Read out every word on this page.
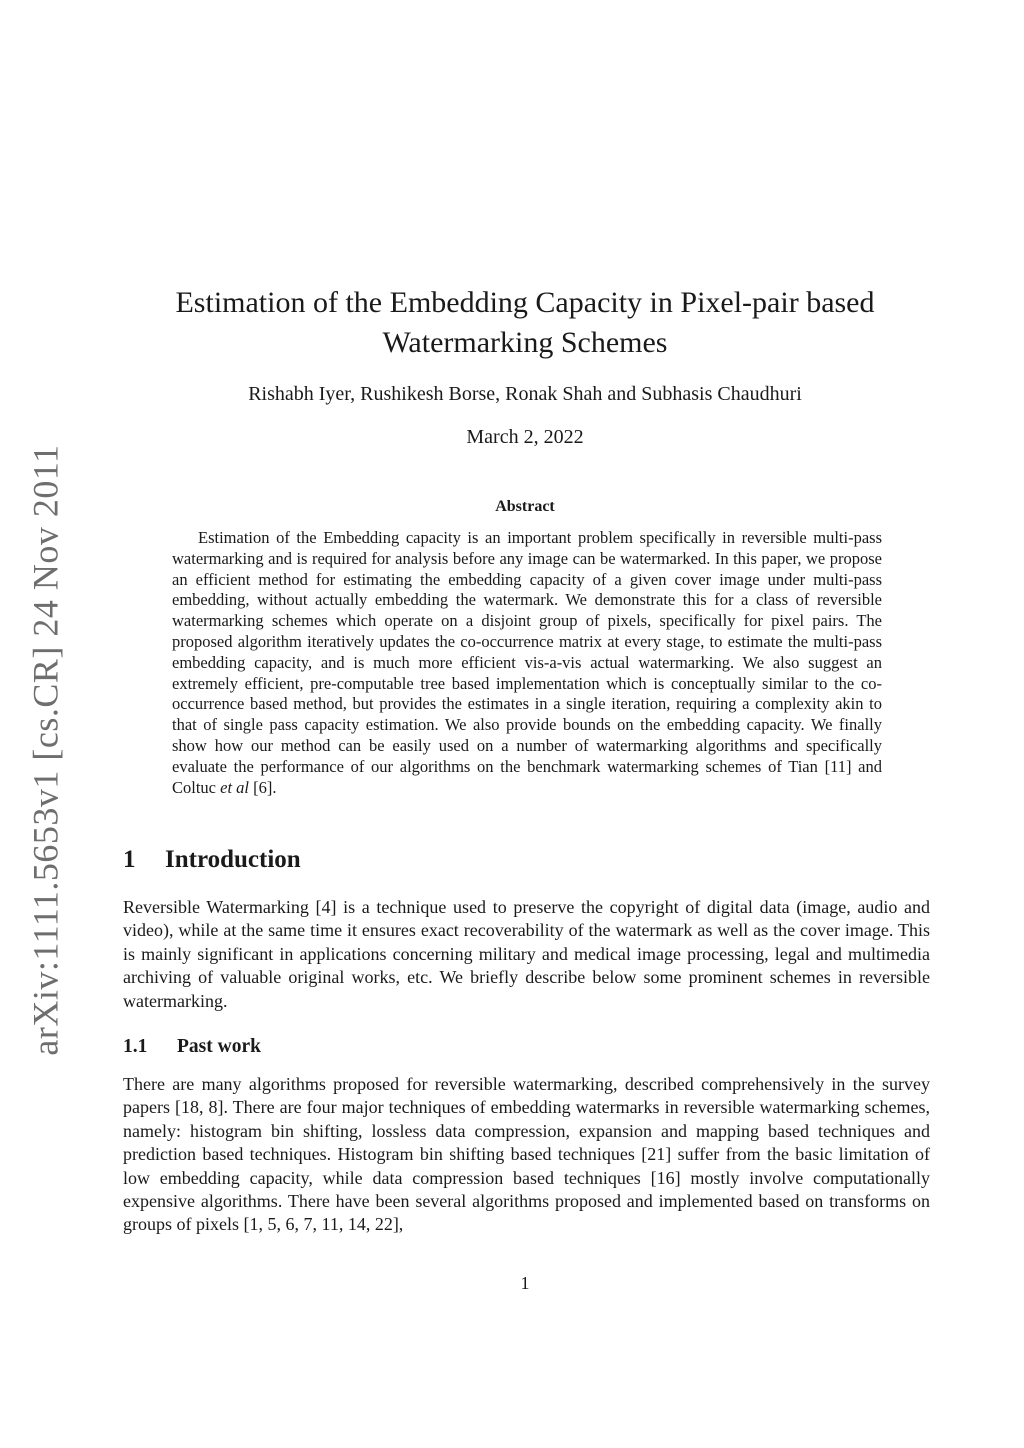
arXiv:1111.5653v1 [cs.CR] 24 Nov 2011
Estimation of the Embedding Capacity in Pixel-pair based Watermarking Schemes
Rishabh Iyer, Rushikesh Borse, Ronak Shah and Subhasis Chaudhuri
March 2, 2022
Abstract

Estimation of the Embedding capacity is an important problem specifically in reversible multi-pass watermarking and is required for analysis before any image can be watermarked. In this paper, we propose an efficient method for estimating the embedding capacity of a given cover image under multi-pass embedding, without actually embedding the watermark. We demonstrate this for a class of reversible watermarking schemes which operate on a disjoint group of pixels, specifically for pixel pairs. The proposed algorithm iteratively updates the co-occurrence matrix at every stage, to estimate the multi-pass embedding capacity, and is much more efficient vis-a-vis actual watermarking. We also suggest an extremely efficient, pre-computable tree based implementation which is conceptually similar to the co-occurrence based method, but provides the estimates in a single iteration, requiring a complexity akin to that of single pass capacity estimation. We also provide bounds on the embedding capacity. We finally show how our method can be easily used on a number of watermarking algorithms and specifically evaluate the performance of our algorithms on the benchmark watermarking schemes of Tian [11] and Coltuc et al [6].

1 Introduction

Reversible Watermarking [4] is a technique used to preserve the copyright of digital data (image, audio and video), while at the same time it ensures exact recoverability of the watermark as well as the cover image. This is mainly significant in applications concerning military and medical image processing, legal and multimedia archiving of valuable original works, etc. We briefly describe below some prominent schemes in reversible watermarking.

1.1 Past work

There are many algorithms proposed for reversible watermarking, described comprehensively in the survey papers [18, 8]. There are four major techniques of embedding watermarks in reversible watermarking schemes, namely: histogram bin shifting, lossless data compression, expansion and mapping based techniques and prediction based techniques. Histogram bin shifting based techniques [21] suffer from the basic limitation of low embedding capacity, while data compression based techniques [16] mostly involve computationally expensive algorithms. There have been several algorithms proposed and implemented based on transforms on groups of pixels [1, 5, 6, 7, 11, 14, 22],

1
